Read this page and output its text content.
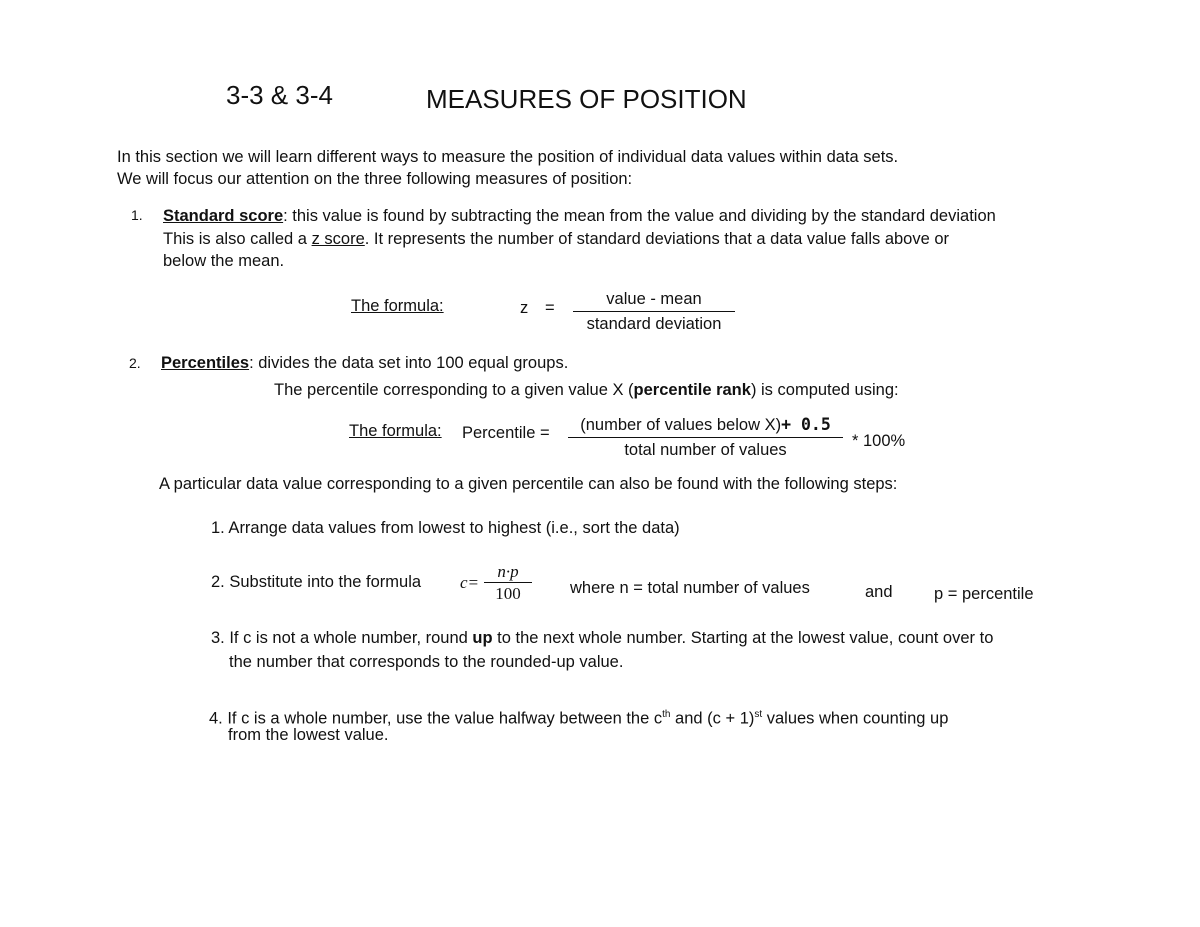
3-3 & 3-4	MEASURES OF POSITION
In this section we will learn different ways to measure the position of individual data values within data sets.
We will focus our attention on the three following measures of position:
1. Standard score: this value is found by subtracting the mean from the value and dividing by the standard deviation
This is also called a z score. It represents the number of standard deviations that a data value falls above or
below the mean.
The formula:	z =	value - mean
standard deviation
2. Percentiles: divides the data set into 100 equal groups.
The percentile corresponding to a given value X (percentile rank) is computed using:
The formula: Percentile =	(number of values below X)+ 0.5
total number of values	* 100%
A particular data value corresponding to a given percentile can also be found with the following steps:
1. Arrange data values from lowest to highest (i.e., sort the data)
2. Substitute into the formula $c= \frac{n\cdot p}{100}$ where n = total number of values	and	p = percentile
3. If c is not a whole number, round up to the next whole number. Starting at the lowest value, count over to
the number that corresponds to the rounded-up value.
4. If c is a whole number, use the value halfway between the $c^{th}$ and $(c + 1)^{st}$ values when counting up
from the lowest value.
